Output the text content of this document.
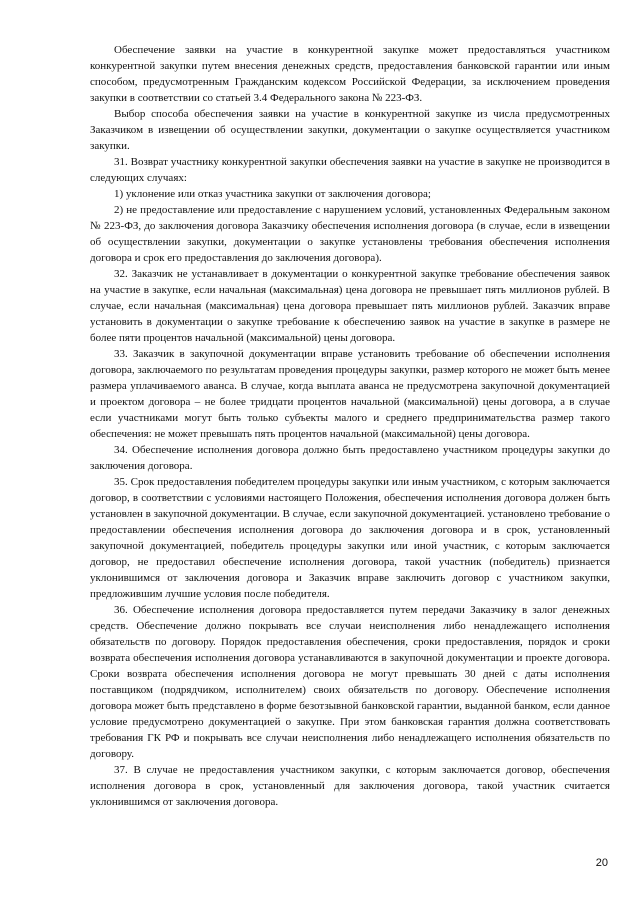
Обеспечение заявки на участие в конкурентной закупке может предоставляться участником конкурентной закупки путем внесения денежных средств, предоставления банковской гарантии или иным способом, предусмотренным Гражданским кодексом Российской Федерации, за исключением проведения закупки в соответствии со статьей 3.4 Федерального закона № 223-ФЗ.

Выбор способа обеспечения заявки на участие в конкурентной закупке из числа предусмотренных Заказчиком в извещении об осуществлении закупки, документации о закупке осуществляется участником закупки.

31. Возврат участнику конкурентной закупки обеспечения заявки на участие в закупке не производится в следующих случаях:

1) уклонение или отказ участника закупки от заключения договора;

2) не предоставление или предоставление с нарушением условий, установленных Федеральным законом № 223-ФЗ, до заключения договора Заказчику обеспечения исполнения договора (в случае, если в извещении об осуществлении закупки, документации о закупке установлены требования обеспечения исполнения договора и срок его предоставления до заключения договора).

32. Заказчик не устанавливает в документации о конкурентной закупке требование обеспечения заявок на участие в закупке, если начальная (максимальная) цена договора не превышает пять миллионов рублей. В случае, если начальная (максимальная) цена договора превышает пять миллионов рублей. Заказчик вправе установить в документации о закупке требование к обеспечению заявок на участие в закупке в размере не более пяти процентов начальной (максимальной) цены договора.

33. Заказчик в закупочной документации вправе установить требование об обеспечении исполнения договора, заключаемого по результатам проведения процедуры закупки, размер которого не может быть менее размера уплачиваемого аванса. В случае, когда выплата аванса не предусмотрена закупочной документацией и проектом договора – не более тридцати процентов начальной (максимальной) цены договора, а в случае если участниками могут быть только субъекты малого и среднего предпринимательства размер такого обеспечения: не может превышать пять процентов начальной (максимальной) цены договора.

34. Обеспечение исполнения договора должно быть предоставлено участником процедуры закупки до заключения договора.

35. Срок предоставления победителем процедуры закупки или иным участником, с которым заключается договор, в соответствии с условиями настоящего Положения, обеспечения исполнения договора должен быть установлен в закупочной документации. В случае, если закупочной документацией. установлено требование о предоставлении обеспечения исполнения договора до заключения договора и в срок, установленный закупочной документацией, победитель процедуры закупки или иной участник, с которым заключается договор, не предоставил обеспечение исполнения договора, такой участник (победитель) признается уклонившимся от заключения договора и Заказчик вправе заключить договор с участником закупки, предложившим лучшие условия после победителя.

36. Обеспечение исполнения договора предоставляется путем передачи Заказчику в залог денежных средств. Обеспечение должно покрывать все случаи неисполнения либо ненадлежащего исполнения обязательств по договору. Порядок предоставления обеспечения, сроки предоставления, порядок и сроки возврата обеспечения исполнения договора устанавливаются в закупочной документации и проекте договора. Сроки возврата обеспечения исполнения договора не могут превышать 30 дней с даты исполнения поставщиком (подрядчиком, исполнителем) своих обязательств по договору. Обеспечение исполнения договора может быть представлено в форме безотзывной банковской гарантии, выданной банком, если данное условие предусмотрено документацией о закупке. При этом банковская гарантия должна соответствовать требования ГК РФ и покрывать все случаи неисполнения либо ненадлежащего исполнения обязательств по договору.

37. В случае не предоставления участником закупки, с которым заключается договор, обеспечения исполнения договора в срок, установленный для заключения договора, такой участник считается уклонившимся от заключения договора.

20
